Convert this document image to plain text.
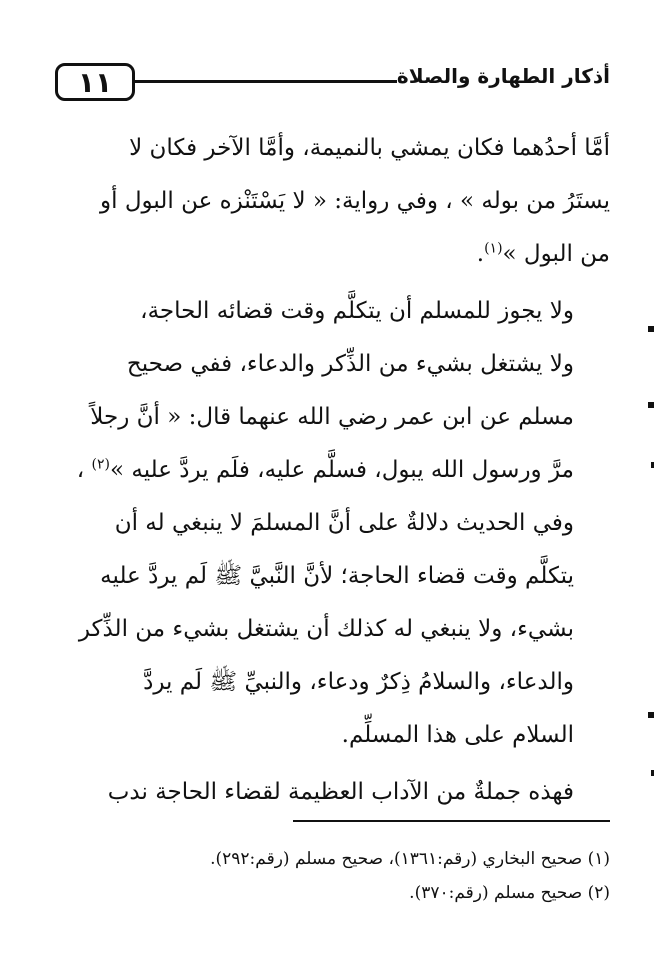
١١	أذكار الطهارة والصلاة

أمَّا أحدُهما فكان يمشي بالنميمة، وأمَّا الآخر فكان لا
يستَرُ من بوله » ، وفي رواية: « لا يَسْتَنْزه عن البول أو
من البول »$^{(١)}$.

ولا يجوز للمسلم أن يتكلَّم وقت قضائه الحاجة،
ولا يشتغل بشيء من الذِّكر والدعاء، ففي صحيح
مسلم عن ابن عمر رضي الله عنهما قال: « أنَّ رجلاً
مرَّ ورسول الله يبول، فسلَّم عليه، فلَم يردَّ عليه »$^{(٢)}$ ،
وفي الحديث دلالةٌ على أنَّ المسلمَ لا ينبغي له أن
يتكلَّم وقت قضاء الحاجة؛ لأنَّ النَّبيَّ ﷺ لَم يردَّ عليه
بشيء، ولا ينبغي له كذلك أن يشتغل بشيء من الذِّكر
والدعاء، والسلامُ ذِكرٌ ودعاء، والنبيِّ ﷺ لَم يردَّ
السلام على هذا المسلِّم.

فهذه جملةٌ من الآداب العظيمة لقضاء الحاجة ندب

(١) صحيح البخاري (رقم:١٣٦١)، صحيح مسلم (رقم:٢٩٢).
(٢) صحيح مسلم (رقم:٣٧٠).
